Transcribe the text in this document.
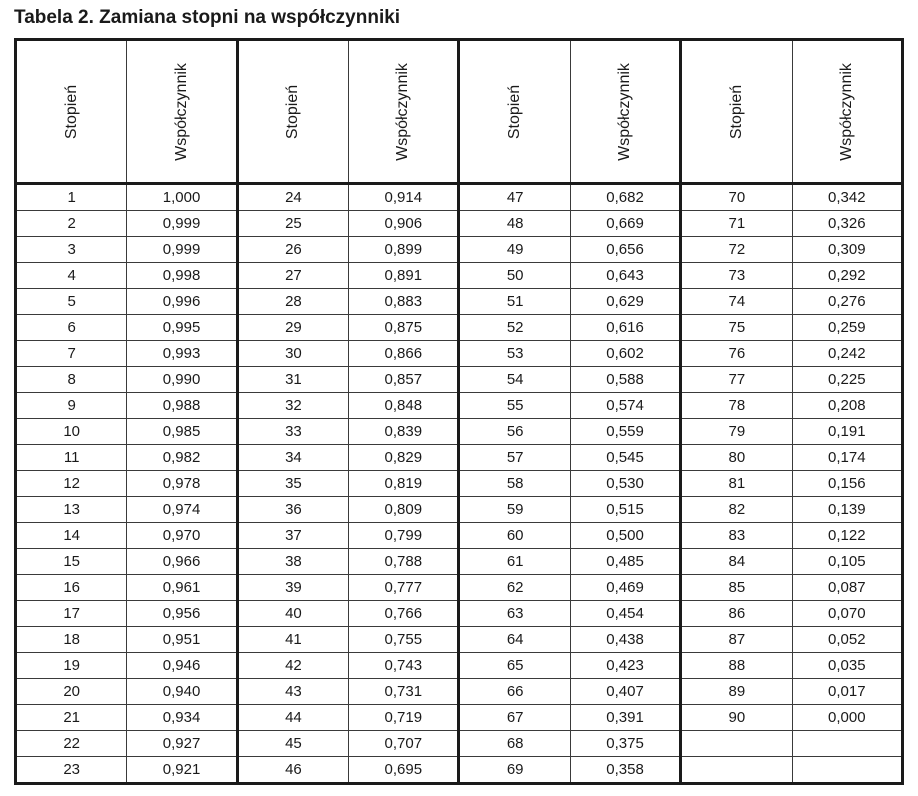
Tabela 2. Zamiana stopni na współczynniki
Stopień	Współczynnik	Stopień	Współczynnik	Stopień	Współczynnik	Stopień	Współczynnik
1	1,000	24	0,914	47	0,682	70	0,342
2	0,999	25	0,906	48	0,669	71	0,326
3	0,999	26	0,899	49	0,656	72	0,309
4	0,998	27	0,891	50	0,643	73	0,292
5	0,996	28	0,883	51	0,629	74	0,276
6	0,995	29	0,875	52	0,616	75	0,259
7	0,993	30	0,866	53	0,602	76	0,242
8	0,990	31	0,857	54	0,588	77	0,225
9	0,988	32	0,848	55	0,574	78	0,208
10	0,985	33	0,839	56	0,559	79	0,191
11	0,982	34	0,829	57	0,545	80	0,174
12	0,978	35	0,819	58	0,530	81	0,156
13	0,974	36	0,809	59	0,515	82	0,139
14	0,970	37	0,799	60	0,500	83	0,122
15	0,966	38	0,788	61	0,485	84	0,105
16	0,961	39	0,777	62	0,469	85	0,087
17	0,956	40	0,766	63	0,454	86	0,070
18	0,951	41	0,755	64	0,438	87	0,052
19	0,946	42	0,743	65	0,423	88	0,035
20	0,940	43	0,731	66	0,407	89	0,017
21	0,934	44	0,719	67	0,391	90	0,000
22	0,927	45	0,707	68	0,375		
23	0,921	46	0,695	69	0,358		
